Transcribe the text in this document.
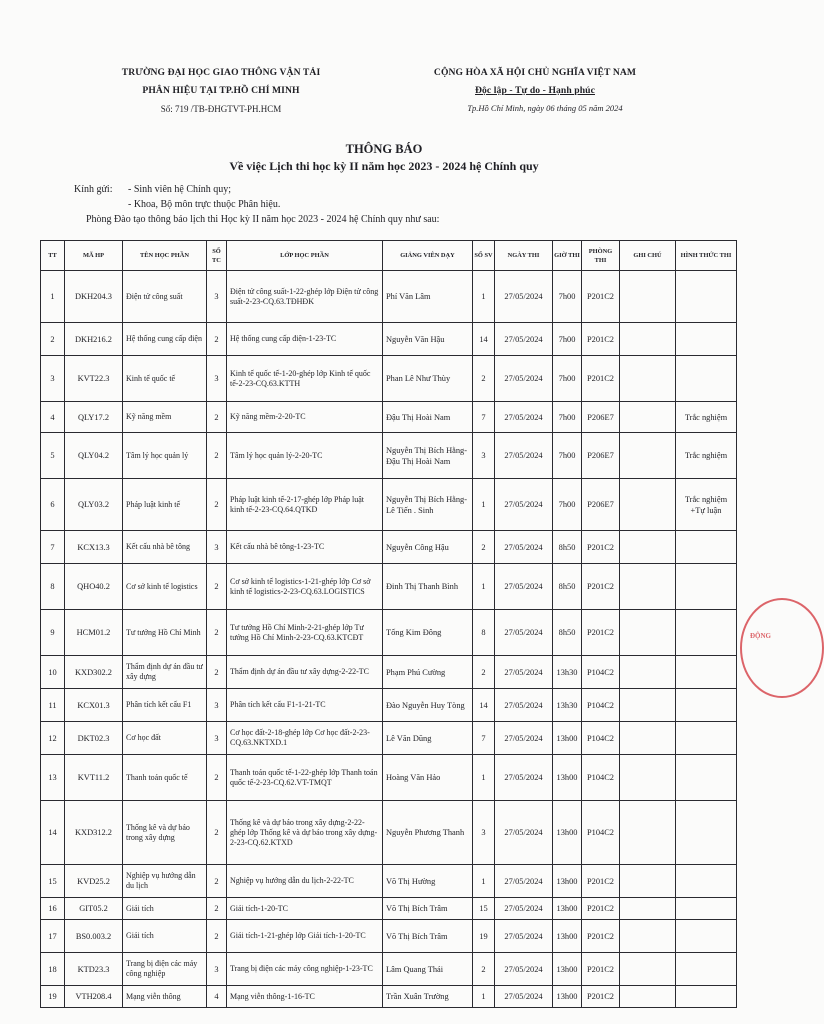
TRƯỜNG ĐẠI HỌC GIAO THÔNG VẬN TẢI
PHÂN HIỆU TẠI TP.HỒ CHÍ MINH
Số: 719 /TB-ĐHGTVT-PH.HCM
CỘNG HÒA XÃ HỘI CHỦ NGHĨA VIỆT NAM
Độc lập - Tự do - Hạnh phúc
Tp.Hồ Chí Minh, ngày 06 tháng 05 năm 2024
THÔNG BÁO
Về việc Lịch thi học kỳ II năm học 2023 - 2024 hệ Chính quy
Kính gửi:	- Sinh viên hệ Chính quy;
- Khoa, Bộ môn trực thuộc Phân hiệu.
Phòng Đào tạo thông báo lịch thi Học kỳ II năm học 2023 - 2024 hệ Chính quy như sau:
TT	MÃ HP	TÊN HỌC PHẦN	SỐ TC	LỚP HỌC PHẦN	GIẢNG VIÊN DẠY	SỐ SV	NGÀY THI	GIỜ THI	PHÒNG THI	GHI CHÚ	HÌNH THỨC THI
1	DKH204.3	Điện tử công suất	3	Điện tử công suất-1-22-ghép lớp Điện tử công suất-2-23-CQ.63.TĐHĐK	Phí Văn Lâm	1	27/05/2024	7h00	P201C2		
2	DKH216.2	Hệ thống cung cấp điện	2	Hệ thống cung cấp điện-1-23-TC	Nguyễn Văn Hậu	14	27/05/2024	7h00	P201C2		
3	KVT22.3	Kinh tế quốc tế	3	Kinh tế quốc tế-1-20-ghép lớp Kinh tế quốc tế-2-23-CQ.63.KTTH	Phan Lê Như Thùy	2	27/05/2024	7h00	P201C2		
4	QLY17.2	Kỹ năng mềm	2	Kỹ năng mềm-2-20-TC	Đậu Thị Hoài Nam	7	27/05/2024	7h00	P206E7		Trắc nghiệm
5	QLY04.2	Tâm lý học quản lý	2	Tâm lý học quản lý-2-20-TC	Nguyễn Thị Bích Hằng-Đậu Thị Hoài Nam	3	27/05/2024	7h00	P206E7		Trắc nghiệm
6	QLY03.2	Pháp luật kinh tế	2	Pháp luật kinh tế-2-17-ghép lớp Pháp luật kinh tế-2-23-CQ.64.QTKD	Nguyễn Thị Bích Hằng-Lê Tiến . Sinh	1	27/05/2024	7h00	P206E7		Trắc nghiệm +Tự luận
7	KCX13.3	Kết cấu nhà bê tông	3	Kết cấu nhà bê tông-1-23-TC	Nguyễn Công Hậu	2	27/05/2024	8h50	P201C2		
8	QHO40.2	Cơ sở kinh tế logistics	2	Cơ sở kinh tế logistics-1-21-ghép lớp Cơ sở kinh tế logistics-2-23-CQ.63.LOGISTICS	Đinh Thị Thanh Bình	1	27/05/2024	8h50	P201C2		
9	HCM01.2	Tư tưởng Hồ Chí Minh	2	Tư tưởng Hồ Chí Minh-2-21-ghép lớp Tư tưởng Hồ Chí Minh-2-23-CQ.63.KTCĐT	Tống Kim Đông	8	27/05/2024	8h50	P201C2		
10	KXD302.2	Thẩm định dự án đầu tư xây dựng	2	Thẩm định dự án đầu tư xây dựng-2-22-TC	Phạm Phú Cường	2	27/05/2024	13h30	P104C2		
11	KCX01.3	Phân tích kết cấu F1	3	Phân tích kết cấu F1-1-21-TC	Đào Nguyễn Huy Tòng	14	27/05/2024	13h30	P104C2		
12	DKT02.3	Cơ học đất	3	Cơ học đất-2-18-ghép lớp Cơ học đất-2-23-CQ.63.NKTXD.1	Lê Văn Dũng	7	27/05/2024	13h00	P104C2		
13	KVT11.2	Thanh toán quốc tế	2	Thanh toán quốc tế-1-22-ghép lớp Thanh toán quốc tế-2-23-CQ.62.VT-TMQT	Hoàng Văn Hảo	1	27/05/2024	13h00	P104C2		
14	KXD312.2	Thống kê và dự báo trong xây dựng	2	Thống kê và dự báo trong xây dựng-2-22-ghép lớp Thống kê và dự báo trong xây dựng-2-23-CQ.62.KTXD	Nguyễn Phương Thanh	3	27/05/2024	13h00	P104C2		
15	KVD25.2	Nghiệp vụ hướng dẫn du lịch	2	Nghiệp vụ hướng dẫn du lịch-2-22-TC	Võ Thị Hường	1	27/05/2024	13h00	P201C2		
16	GIT05.2	Giải tích	2	Giải tích-1-20-TC	Võ Thị Bích Trâm	15	27/05/2024	13h00	P201C2		
17	BS0.003.2	Giải tích	2	Giải tích-1-21-ghép lớp Giải tích-1-20-TC	Võ Thị Bích Trâm	19	27/05/2024	13h00	P201C2		
18	KTD23.3	Trang bị điện các máy công nghiệp	3	Trang bị điện các máy công nghiệp-1-23-TC	Lâm Quang Thái	2	27/05/2024	13h00	P201C2		
19	VTH208.4	Mạng viễn thông	4	Mạng viễn thông-1-16-TC	Trần Xuân Trường	1	27/05/2024	13h00	P201C2		
ĐỘNG
